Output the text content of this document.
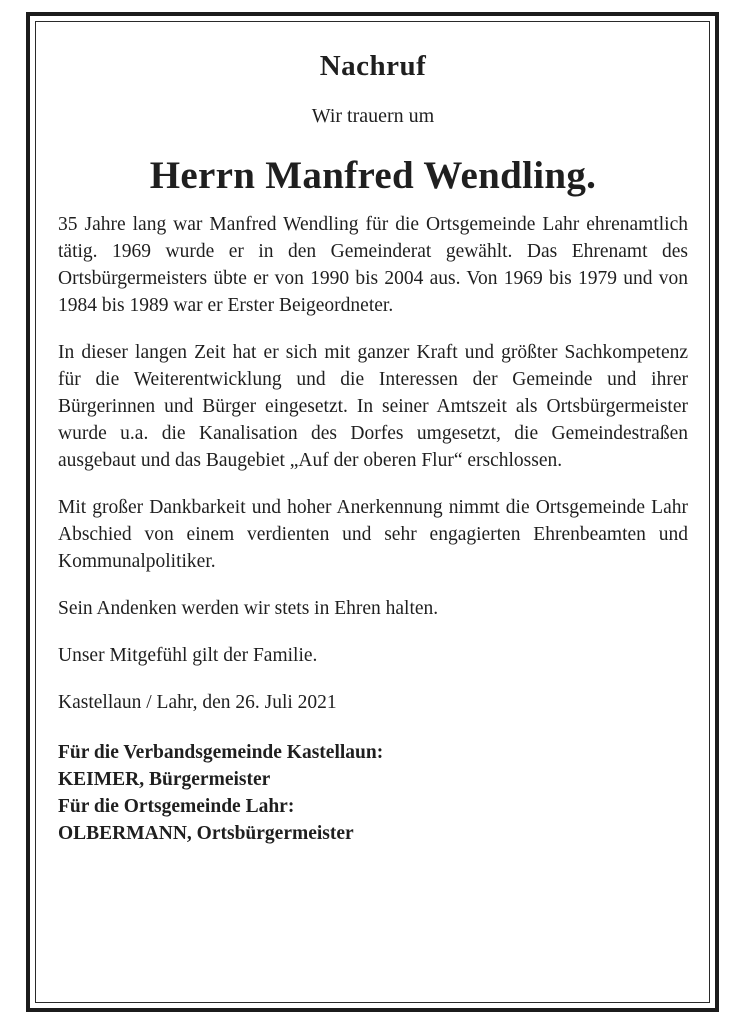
Nachruf

Wir trauern um

Herrn Manfred Wendling.

35 Jahre lang war Manfred Wendling für die Ortsgemeinde Lahr ehrenamtlich tätig. 1969 wurde er in den Gemeinderat gewählt. Das Ehrenamt des Ortsbürgermeisters übte er von 1990 bis 2004 aus. Von 1969 bis 1979 und von 1984 bis 1989 war er Erster Beigeordneter.

In dieser langen Zeit hat er sich mit ganzer Kraft und größter Sachkompetenz für die Weiterentwicklung und die Interessen der Gemeinde und ihrer Bürgerinnen und Bürger eingesetzt. In seiner Amtszeit als Ortsbürgermeister wurde u.a. die Kanalisation des Dorfes umgesetzt, die Gemeindestraßen ausgebaut und das Baugebiet „Auf der oberen Flur“ erschlossen.

Mit großer Dankbarkeit und hoher Anerkennung nimmt die Ortsgemeinde Lahr Abschied von einem verdienten und sehr engagierten Ehrenbeamten und Kommunalpolitiker.

Sein Andenken werden wir stets in Ehren halten.

Unser Mitgefühl gilt der Familie.

Kastellaun / Lahr, den 26. Juli 2021

Für die Verbandsgemeinde Kastellaun:
KEIMER, Bürgermeister
Für die Ortsgemeinde Lahr:
OLBERMANN, Ortsbürgermeister
